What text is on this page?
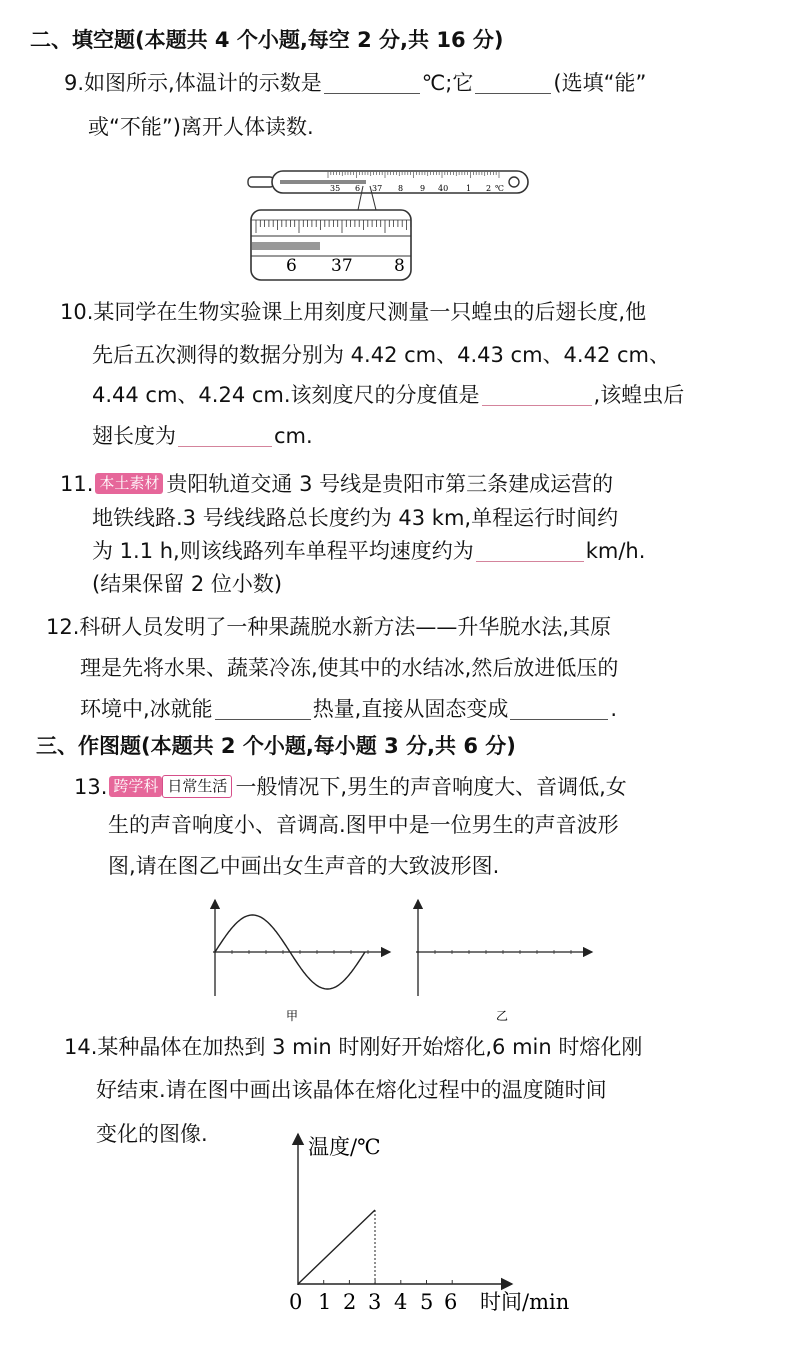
二、填空题(本题共 4 个小题,每空 2 分,共 16 分)
9.如图所示,体温计的示数是	℃;它	(选填“能”
或“不能”)离开人体读数.
35 6 37 8 9 40 1 2 ℃
6 37 8
10.某同学在生物实验课上用刻度尺测量一只蝗虫的后翅长度,他
先后五次测得的数据分别为 4.42 cm、4.43 cm、4.42 cm、
4.44 cm、4.24 cm.该刻度尺的分度值是	,该蝗虫后
翅长度为	cm.
11. 本土素材 贵阳轨道交通 3 号线是贵阳市第三条建成运营的
地铁线路.3 号线线路总长度约为 43 km,单程运行时间约
为 1.1 h,则该线路列车单程平均速度约为	km/h.
(结果保留 2 位小数)
12.科研人员发明了一种果蔬脱水新方法——升华脱水法,其原
理是先将水果、蔬菜冷冻,使其中的水结冰,然后放进低压的
环境中,冰就能	热量,直接从固态变成	.
三、作图题(本题共 2 个小题,每小题 3 分,共 6 分)
13. 跨学科 日常生活 一般情况下,男生的声音响度大、音调低,女
生的声音响度小、音调高.图甲中是一位男生的声音波形
图,请在图乙中画出女生声音的大致波形图.
甲	乙
14.某种晶体在加热到 3 min 时刚好开始熔化,6 min 时熔化刚
好结束.请在图中画出该晶体在熔化过程中的温度随时间
变化的图像.
温度/℃
0 1 2 3 4 5 6 时间/min
